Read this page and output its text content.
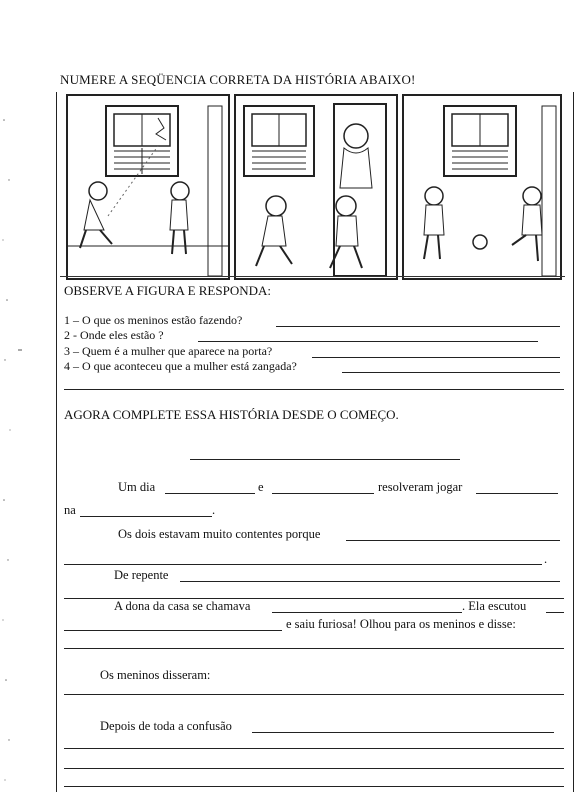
NUMERE A SEQÜENCIA CORRETA DA HISTÓRIA ABAIXO!
OBSERVE A FIGURA E RESPONDA:
1 – O que os meninos estão fazendo?
2 - Onde eles estão ?
3 – Quem é a mulher que aparece na porta?
4 – O que aconteceu que a mulher está zangada?
AGORA COMPLETE ESSA HISTÓRIA DESDE O COMEÇO.
Um dia	e	resolveram jogar
na	.
Os dois estavam muito contentes porque
.
De repente
A dona da casa se chamava	. Ela escutou
e saiu furiosa! Olhou para os meninos e disse:
Os meninos disseram:
Depois de toda a confusão
